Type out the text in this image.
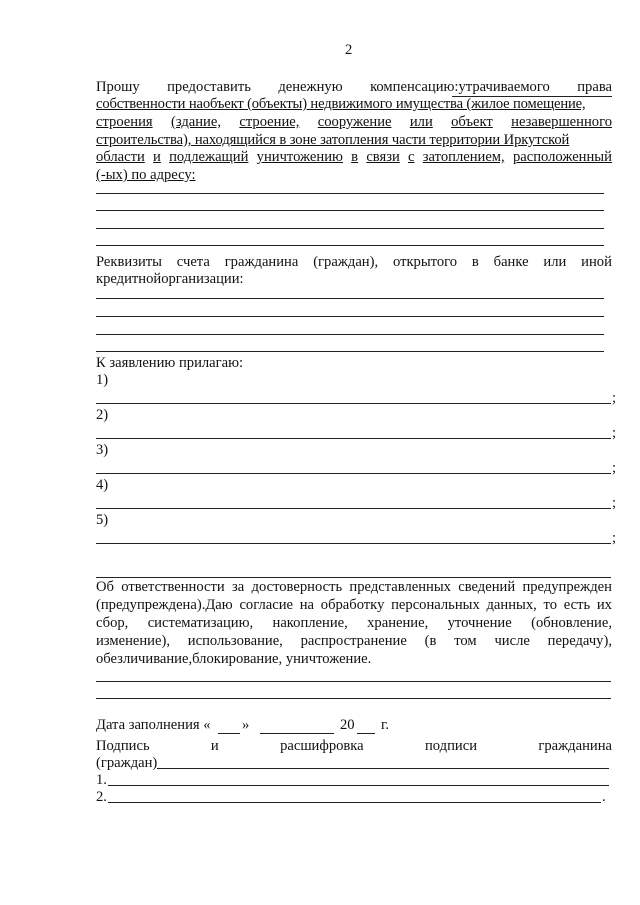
2
Прошу предоставить денежную компенсацию:утрачиваемого права
собственности наобъект (объекты) недвижимого имущества (жилое помещение,
строения (здание, строение, сооружение или объект незавершенного
строительства), находящийся в зоне затопления части территории Иркутской
области и подлежащий уничтожению в связи с затоплением, расположенный
(-ых) по адресу:
Реквизиты счета гражданина (граждан), открытого в банке или иной
кредитнойорганизации:
К заявлению прилагаю:
1)
;
2)
;
3)
;
4)
;
5)
;
Об ответственности за достоверность представленных сведений предупрежден
(предупреждена).Даю согласие на обработку персональных данных, то есть их
сбор, систематизацию, накопление, хранение, уточнение (обновление,
изменение), использование, распространение (в том числе передачу),
обезличивание,блокирование, уничтожение.
Дата заполнения « »	20 г.
Подпись	и	расшифровка	подписи	гражданина
(граждан)
1.
2.	.
